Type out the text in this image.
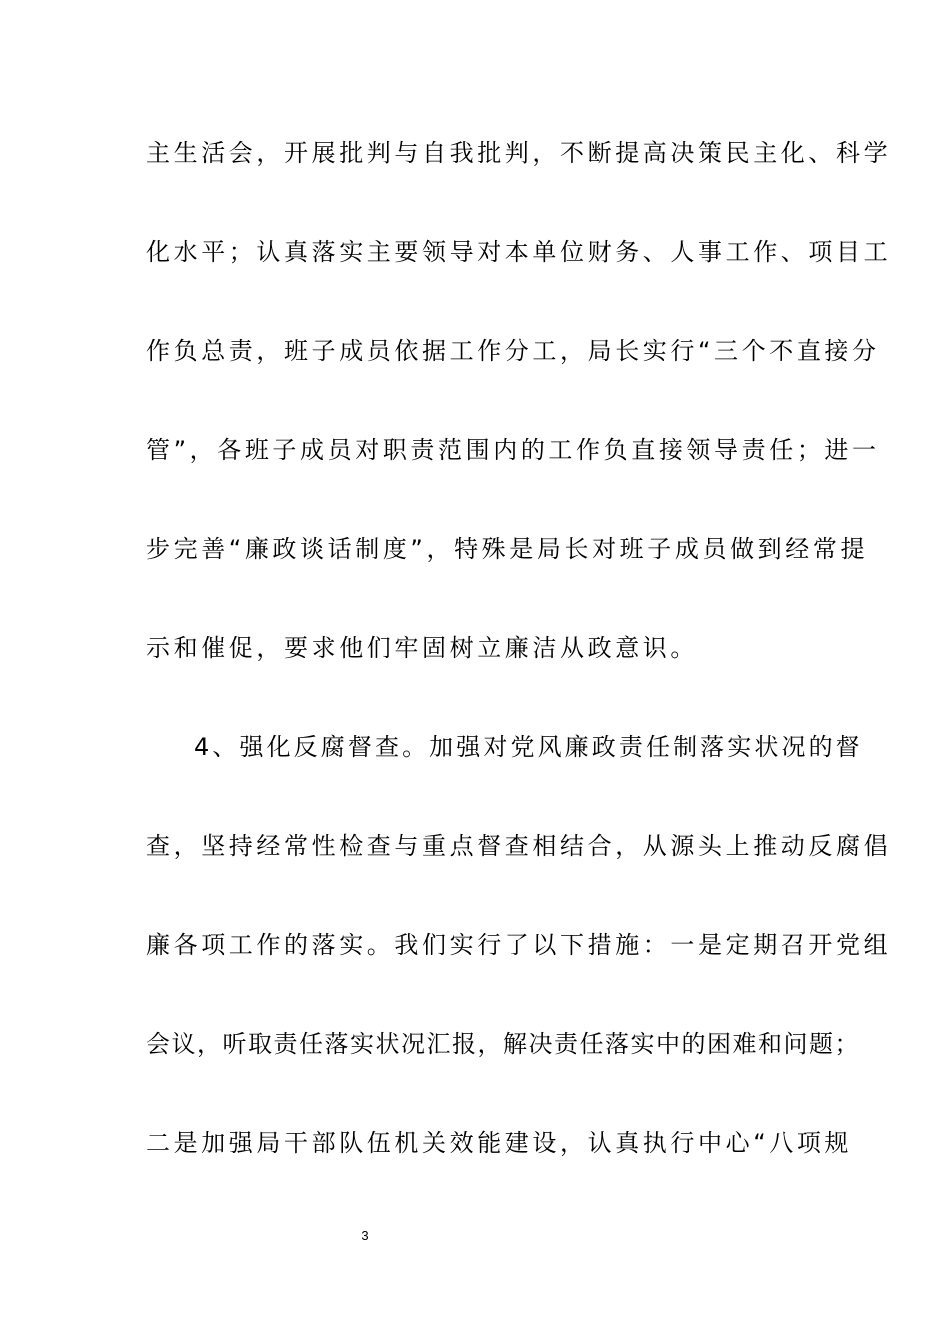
主生活会，开展批判与自我批判，不断提高决策民主化、科学
化水平；认真落实主要领导对本单位财务、人事工作、项目工
作负总责，班子成员依据工作分工，局长实行“三个不直接分
管”，各班子成员对职责范围内的工作负直接领导责任；进一
步完善“廉政谈话制度”，特殊是局长对班子成员做到经常提
示和催促，要求他们牢固树立廉洁从政意识。
4、强化反腐督查。加强对党风廉政责任制落实状况的督
查，坚持经常性检查与重点督查相结合，从源头上推动反腐倡
廉各项工作的落实。我们实行了以下措施：一是定期召开党组
会议，听取责任落实状况汇报，解决责任落实中的困难和问题；
二是加强局干部队伍机关效能建设，认真执行中心“八项规
3
